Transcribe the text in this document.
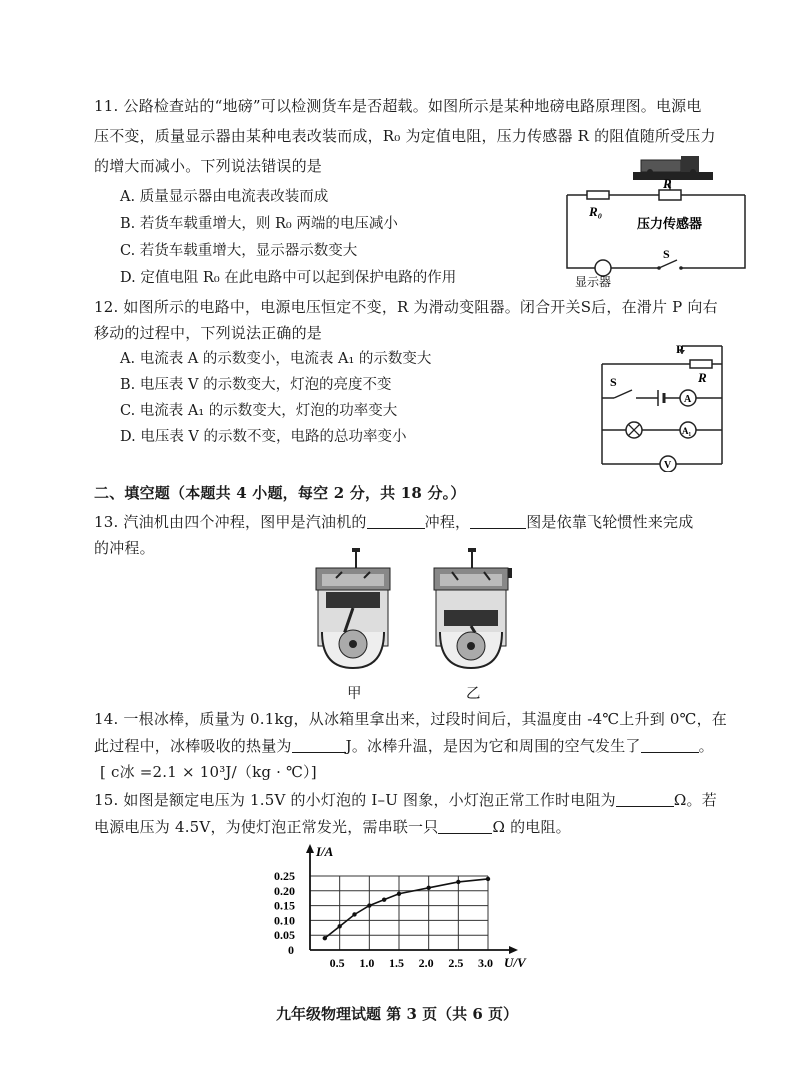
11. 公路检查站的“地磅”可以检测货车是否超载。如图所示是某种地磅电路原理图。电源电
压不变，质量显示器由某种电表改装而成，R₀ 为定值电阻，压力传感器 R 的阻值随所受压力
的增大而减小。下列说法错误的是
A. 质量显示器由电流表改装而成
B. 若货车载重增大，则 R₀ 两端的电压减小
C. 若货车载重增大，显示器示数变大
D. 定值电阻 R₀ 在此电路中可以起到保护电路的作用
R₀
R
压力传感器
S
显示器
12. 如图所示的电路中，电源电压恒定不变，R 为滑动变阻器。闭合开关S后，在滑片 P 向右
移动的过程中，下列说法正确的是
A. 电流表 A 的示数变小，电流表 A₁ 的示数变大
B. 电压表 V 的示数变大，灯泡的亮度不变
C. 电流表 A₁ 的示数变大，灯泡的功率变大
D. 电压表 V 的示数不变，电路的总功率变小
P
R
S
A
A₁
V
二、填空题（本题共 4 小题，每空 2 分，共 18 分。）
13. 汽油机由四个冲程，图甲是汽油机的	冲程，	图是依靠飞轮惯性来完成
的冲程。
甲	乙
14. 一根冰棒，质量为 0.1kg，从冰箱里拿出来，过段时间后，其温度由 -4℃上升到 0℃，在
此过程中，冰棒吸收的热量为	J。冰棒升温，是因为它和周围的空气发生了	。
[ c冰 =2.1 × 10³J/（kg · ℃）]
15. 如图是额定电压为 1.5V 的小灯泡的 I–U 图象，小灯泡正常工作时电阻为	Ω。若
电源电压为 4.5V，为使灯泡正常发光，需串联一只	Ω 的电阻。
0.5 1.0 1.5 2.0 2.5 3.0
0.05
0.10
0.15
0.20
0.25
I/A
U/V
0
九年级物理试题 第 3 页（共 6 页）
